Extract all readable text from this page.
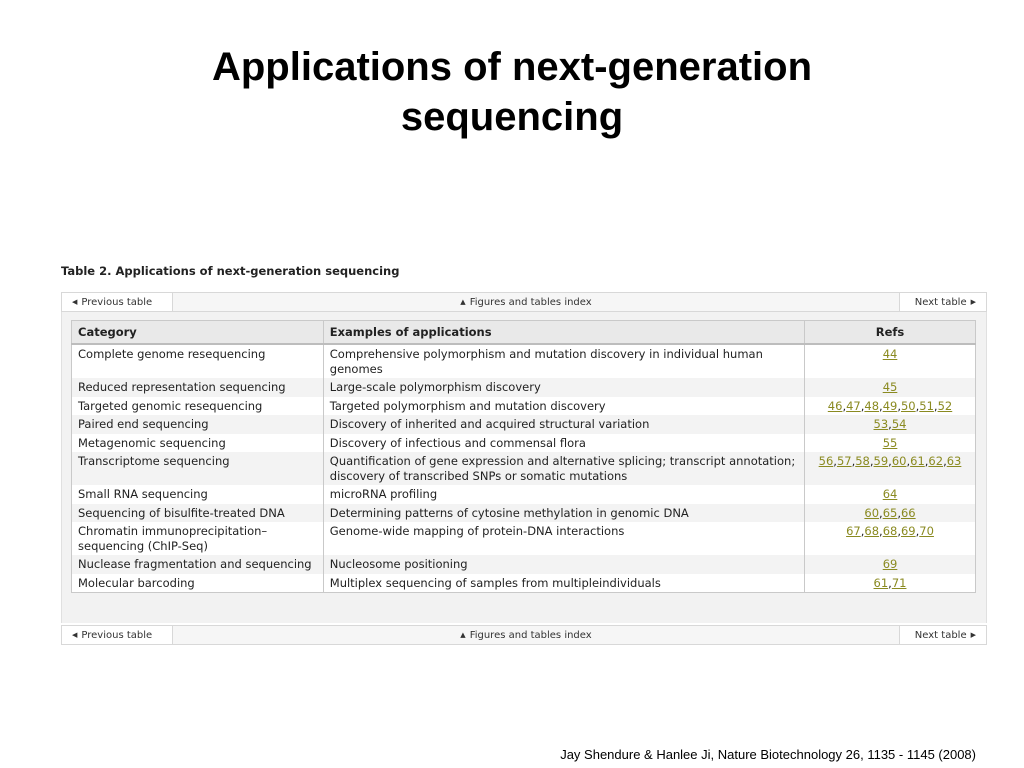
Applications of next-generation
sequencing
Table 2. Applications of next-generation sequencing
▲ Figures and tables index
◀ Previous table	Next table ▶
Category	Examples of applications	Refs
Complete genome resequencing	Comprehensive polymorphism and mutation discovery in individual human genomes	44
Reduced representation sequencing	Large-scale polymorphism discovery	45
Targeted genomic resequencing	Targeted polymorphism and mutation discovery	46,47,48,49,50,51,52
Paired end sequencing	Discovery of inherited and acquired structural variation	53,54
Metagenomic sequencing	Discovery of infectious and commensal flora	55
Transcriptome sequencing	Quantification of gene expression and alternative splicing; transcript annotation; discovery of transcribed SNPs or somatic mutations	56,57,58,59,60,61,62,63
Small RNA sequencing	microRNA profiling	64
Sequencing of bisulfite-treated DNA	Determining patterns of cytosine methylation in genomic DNA	60,65,66
Chromatin immunoprecipitation–sequencing (ChIP-Seq)	Genome-wide mapping of protein-DNA interactions	67,68,68,69,70
Nuclease fragmentation and sequencing	Nucleosome positioning	69
Molecular barcoding	Multiplex sequencing of samples from multipleindividuals	61,71
▲ Figures and tables index
◀ Previous table	Next table ▶
Jay Shendure & Hanlee Ji, Nature Biotechnology 26, 1135 - 1145 (2008)
